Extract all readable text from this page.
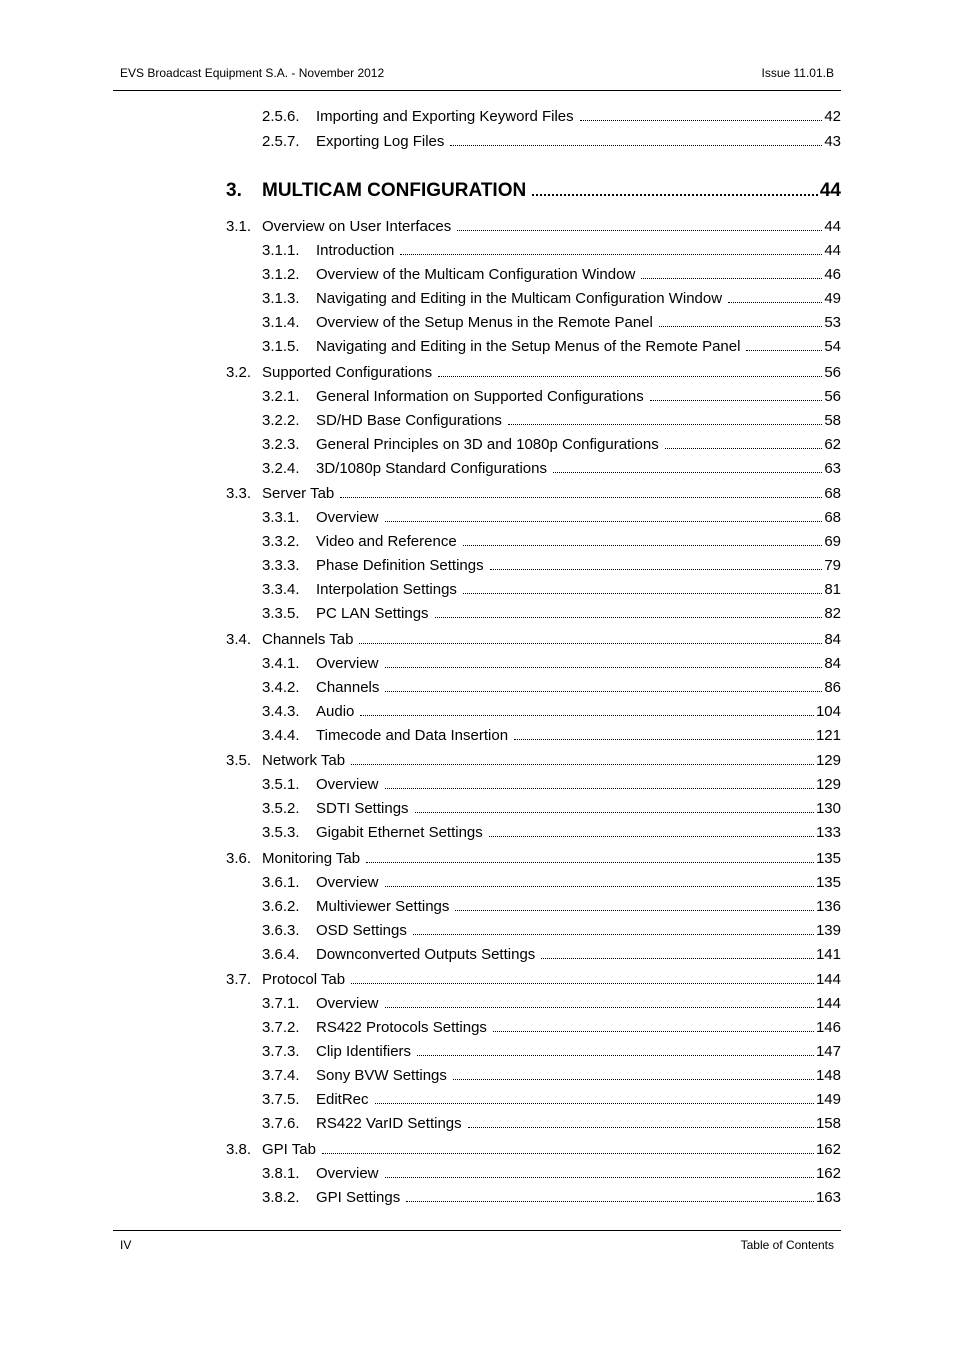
EVS Broadcast Equipment S.A. - November 2012	Issue 11.01.B
2.5.6.	Importing and Exporting Keyword Files	42
2.5.7.	Exporting Log Files	43
3.	MULTICAM CONFIGURATION	44
3.1. Overview on User Interfaces	44
3.1.1.	Introduction	44
3.1.2.	Overview of the Multicam Configuration Window	46
3.1.3.	Navigating and Editing in the Multicam Configuration Window	49
3.1.4.	Overview of the Setup Menus in the Remote Panel	53
3.1.5.	Navigating and Editing in the Setup Menus of the Remote Panel	54
3.2. Supported Configurations	56
3.2.1.	General Information on Supported Configurations	56
3.2.2.	SD/HD Base Configurations	58
3.2.3.	General Principles on 3D and 1080p Configurations	62
3.2.4.	3D/1080p Standard Configurations	63
3.3. Server Tab	68
3.3.1.	Overview	68
3.3.2.	Video and Reference	69
3.3.3.	Phase Definition Settings	79
3.3.4.	Interpolation Settings	81
3.3.5.	PC LAN Settings	82
3.4. Channels Tab	84
3.4.1.	Overview	84
3.4.2.	Channels	86
3.4.3.	Audio	104
3.4.4.	Timecode and Data Insertion	121
3.5. Network Tab	129
3.5.1.	Overview	129
3.5.2.	SDTI Settings	130
3.5.3.	Gigabit Ethernet Settings	133
3.6. Monitoring Tab	135
3.6.1.	Overview	135
3.6.2.	Multiviewer Settings	136
3.6.3.	OSD Settings	139
3.6.4.	Downconverted Outputs Settings	141
3.7. Protocol Tab	144
3.7.1.	Overview	144
3.7.2.	RS422 Protocols Settings	146
3.7.3.	Clip Identifiers	147
3.7.4.	Sony BVW Settings	148
3.7.5.	EditRec	149
3.7.6.	RS422 VarID Settings	158
3.8. GPI Tab	162
3.8.1.	Overview	162
3.8.2.	GPI Settings	163
IV	Table of Contents
